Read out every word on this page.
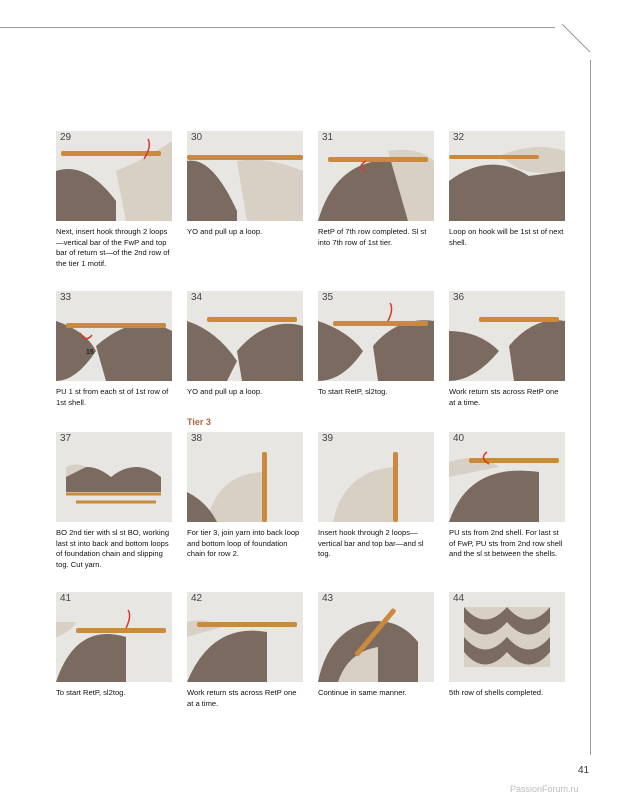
29
Next, insert hook through 2 loops—vertical bar of the FwP and top bar of return st—of the 2nd row of the tier 1 motif.
30
YO and pull up a loop.
31
RetP of 7th row completed. Sl st into 7th row of 1st tier.
32
Loop on hook will be 1st st of next shell.
33
15
PU 1 st from each st of 1st row of 1st shell.
34
YO and pull up a loop.
35
To start RetP, sl2tog.
36
Work return sts across RetP one at a time.
Tier 3
37
BO 2nd tier with sl st BO, working last st into back and bottom loops of foundation chain and slipping tog. Cut yarn.
38
For tier 3, join yarn into back loop and bottom loop of foundation chain for row 2.
39
Insert hook through 2 loops—vertical bar and top bar—and sl tog.
40
PU sts from 2nd shell. For last st of FwP, PU sts from 2nd row shell and the sl st between the shells.
41
To start RetP, sl2tog.
42
Work return sts across RetP one at a time.
43
Continue in same manner.
44
5th row of shells completed.
41
PassionForum.ru
